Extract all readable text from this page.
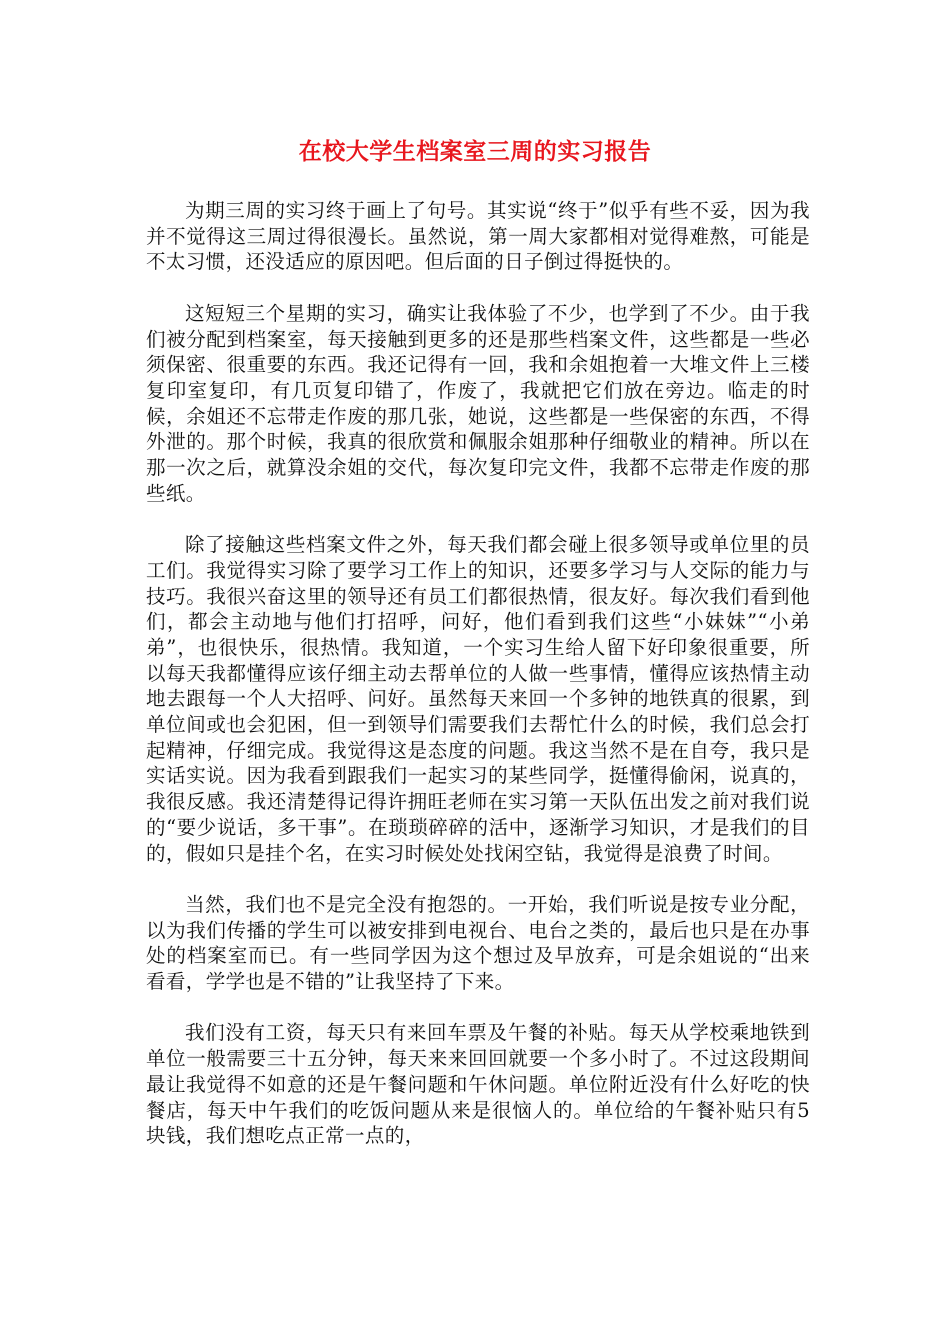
在校大学生档案室三周的实习报告

为期三周的实习终于画上了句号。其实说“终于”似乎有些不妥，因为我并不觉得这三周过得很漫长。虽然说，第一周大家都相对觉得难熬，可能是不太习惯，还没适应的原因吧。但后面的日子倒过得挺快的。

这短短三个星期的实习，确实让我体验了不少，也学到了不少。由于我们被分配到档案室，每天接触到更多的还是那些档案文件，这些都是一些必须保密、很重要的东西。我还记得有一回，我和余姐抱着一大堆文件上三楼复印室复印，有几页复印错了，作废了，我就把它们放在旁边。临走的时候，余姐还不忘带走作废的那几张，她说，这些都是一些保密的东西，不得外泄的。那个时候，我真的很欣赏和佩服余姐那种仔细敬业的精神。所以在那一次之后，就算没余姐的交代，每次复印完文件，我都不忘带走作废的那些纸。

除了接触这些档案文件之外，每天我们都会碰上很多领导或单位里的员工们。我觉得实习除了要学习工作上的知识，还要多学习与人交际的能力与技巧。我很兴奋这里的领导还有员工们都很热情，很友好。每次我们看到他们，都会主动地与他们打招呼，问好，他们看到我们这些“小妹妹”“小弟弟”，也很快乐，很热情。我知道，一个实习生给人留下好印象很重要，所以每天我都懂得应该仔细主动去帮单位的人做一些事情，懂得应该热情主动地去跟每一个人大招呼、问好。虽然每天来回一个多钟的地铁真的很累，到单位间或也会犯困，但一到领导们需要我们去帮忙什么的时候，我们总会打起精神，仔细完成。我觉得这是态度的问题。我这当然不是在自夸，我只是实话实说。因为我看到跟我们一起实习的某些同学，挺懂得偷闲，说真的，我很反感。我还清楚得记得许拥旺老师在实习第一天队伍出发之前对我们说的“要少说话，多干事”。在琐琐碎碎的活中，逐渐学习知识，才是我们的目的，假如只是挂个名，在实习时候处处找闲空钻，我觉得是浪费了时间。

当然，我们也不是完全没有抱怨的。一开始，我们听说是按专业分配，以为我们传播的学生可以被安排到电视台、电台之类的，最后也只是在办事处的档案室而已。有一些同学因为这个想过及早放弃，可是余姐说的“出来看看，学学也是不错的”让我坚持了下来。

我们没有工资，每天只有来回车票及午餐的补贴。每天从学校乘地铁到单位一般需要三十五分钟，每天来来回回就要一个多小时了。不过这段期间最让我觉得不如意的还是午餐问题和午休问题。单位附近没有什么好吃的快餐店，每天中午我们的吃饭问题从来是很恼人的。单位给的午餐补贴只有5块钱，我们想吃点正常一点的，
